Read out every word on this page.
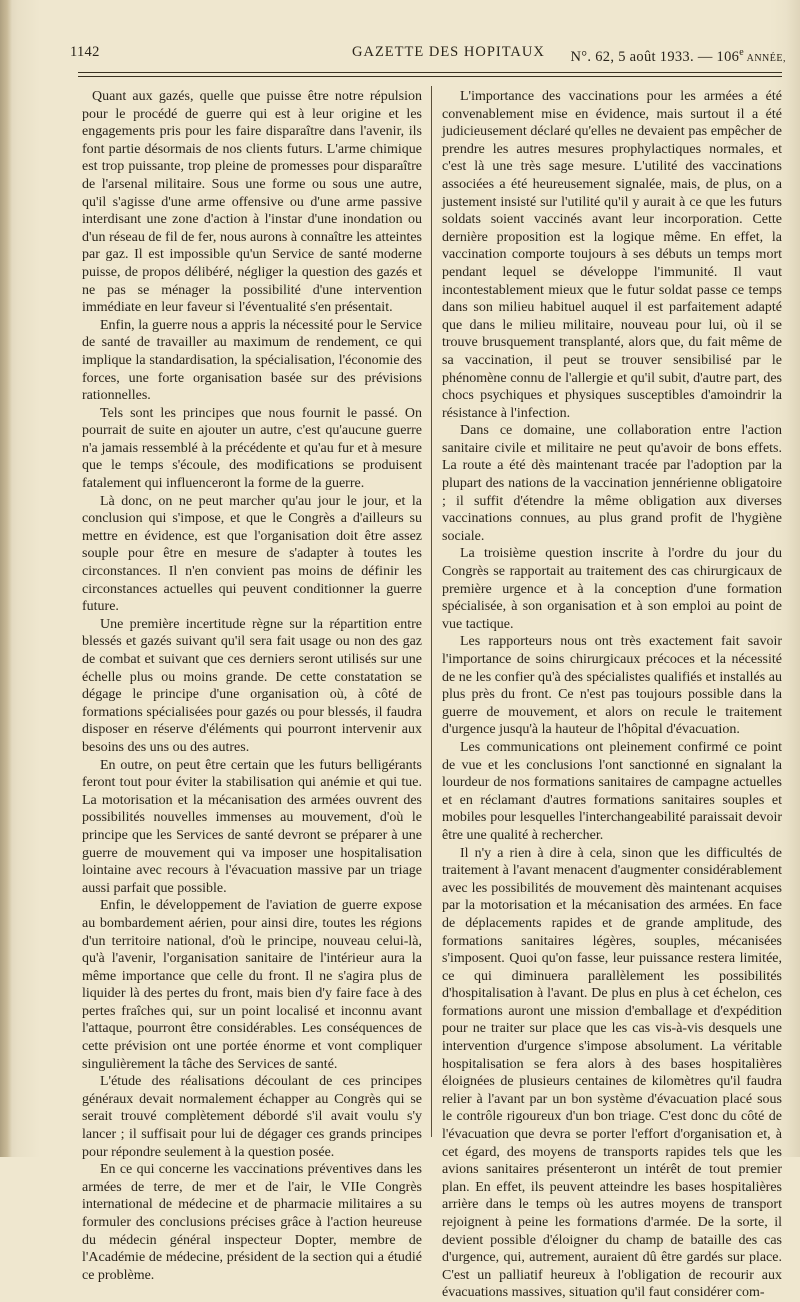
1142	GAZETTE DES HOPITAUX N°. 62, 5 août 1933. — 106e ANNÉE,

Quant aux gazés, quelle que puisse être notre répulsion pour le procédé de guerre qui est à leur origine et les engagements pris pour les faire disparaître dans l'avenir, ils font partie désormais de nos clients futurs. L'arme chimique est trop puissante, trop pleine de promesses pour disparaître de l'arsenal militaire. Sous une forme ou sous une autre, qu'il s'agisse d'une arme offensive ou d'une arme passive interdisant une zone d'action à l'instar d'une inondation ou d'un réseau de fil de fer, nous aurons à connaître les atteintes par gaz. Il est impossible qu'un Service de santé moderne puisse, de propos délibéré, négliger la question des gazés et ne pas se ménager la possibilité d'une intervention immédiate en leur faveur si l'éventualité s'en présentait.

Enfin, la guerre nous a appris la nécessité pour le Service de santé de travailler au maximum de rendement, ce qui implique la standardisation, la spécialisation, l'économie des forces, une forte organisation basée sur des prévisions rationnelles.

Tels sont les principes que nous fournit le passé. On pourrait de suite en ajouter un autre, c'est qu'aucune guerre n'a jamais ressemblé à la précédente et qu'au fur et à mesure que le temps s'écoule, des modifications se produisent fatalement qui influenceront la forme de la guerre.

Là donc, on ne peut marcher qu'au jour le jour, et la conclusion qui s'impose, et que le Congrès a d'ailleurs su mettre en évidence, est que l'organisation doit être assez souple pour être en mesure de s'adapter à toutes les circonstances. Il n'en convient pas moins de définir les circonstances actuelles qui peuvent conditionner la guerre future.

Une première incertitude règne sur la répartition entre blessés et gazés suivant qu'il sera fait usage ou non des gaz de combat et suivant que ces derniers seront utilisés sur une échelle plus ou moins grande. De cette constatation se dégage le principe d'une organisation où, à côté de formations spécialisées pour gazés ou pour blessés, il faudra disposer en réserve d'éléments qui pourront intervenir aux besoins des uns ou des autres.

En outre, on peut être certain que les futurs belligérants feront tout pour éviter la stabilisation qui anémie et qui tue. La motorisation et la mécanisation des armées ouvrent des possibilités nouvelles immenses au mouvement, d'où le principe que les Services de santé devront se préparer à une guerre de mouvement qui va imposer une hospitalisation lointaine avec recours à l'évacuation massive par un triage aussi parfait que possible.

Enfin, le développement de l'aviation de guerre expose au bombardement aérien, pour ainsi dire, toutes les régions d'un territoire national, d'où le principe, nouveau celui-là, qu'à l'avenir, l'organisation sanitaire de l'intérieur aura la même importance que celle du front. Il ne s'agira plus de liquider là des pertes du front, mais bien d'y faire face à des pertes fraîches qui, sur un point localisé et inconnu avant l'attaque, pourront être considérables. Les conséquences de cette prévision ont une portée énorme et vont compliquer singulièrement la tâche des Services de santé.

L'étude des réalisations découlant de ces principes généraux devait normalement échapper au Congrès qui se serait trouvé complètement débordé s'il avait voulu s'y lancer ; il suffisait pour lui de dégager ces grands principes pour répondre seulement à la question posée.

En ce qui concerne les vaccinations préventives dans les armées de terre, de mer et de l'air, le VIIe Congrès international de médecine et de pharmacie militaires a su formuler des conclusions précises grâce à l'action heureuse du médecin général inspecteur Dopter, membre de l'Académie de médecine, président de la section qui a étudié ce problème.

L'importance des vaccinations pour les armées a été convenablement mise en évidence, mais surtout il a été judicieusement déclaré qu'elles ne devaient pas empêcher de prendre les autres mesures prophylactiques normales, et c'est là une très sage mesure. L'utilité des vaccinations associées a été heureusement signalée, mais, de plus, on a justement insisté sur l'utilité qu'il y aurait à ce que les futurs soldats soient vaccinés avant leur incorporation. Cette dernière proposition est la logique même. En effet, la vaccination comporte toujours à ses débuts un temps mort pendant lequel se développe l'immunité. Il vaut incontestablement mieux que le futur soldat passe ce temps dans son milieu habituel auquel il est parfaitement adapté que dans le milieu militaire, nouveau pour lui, où il se trouve brusquement transplanté, alors que, du fait même de sa vaccination, il peut se trouver sensibilisé par le phénomène connu de l'allergie et qu'il subit, d'autre part, des chocs psychiques et physiques susceptibles d'amoindrir la résistance à l'infection.

Dans ce domaine, une collaboration entre l'action sanitaire civile et militaire ne peut qu'avoir de bons effets. La route a été dès maintenant tracée par l'adoption par la plupart des nations de la vaccination jennérienne obligatoire ; il suffit d'étendre la même obligation aux diverses vaccinations connues, au plus grand profit de l'hygiène sociale.

La troisième question inscrite à l'ordre du jour du Congrès se rapportait au traitement des cas chirurgicaux de première urgence et à la conception d'une formation spécialisée, à son organisation et à son emploi au point de vue tactique.

Les rapporteurs nous ont très exactement fait savoir l'importance de soins chirurgicaux précoces et la nécessité de ne les confier qu'à des spécialistes qualifiés et installés au plus près du front. Ce n'est pas toujours possible dans la guerre de mouvement, et alors on recule le traitement d'urgence jusqu'à la hauteur de l'hôpital d'évacuation.

Les communications ont pleinement confirmé ce point de vue et les conclusions l'ont sanctionné en signalant la lourdeur de nos formations sanitaires de campagne actuelles et en réclamant d'autres formations sanitaires souples et mobiles pour lesquelles l'interchangeabilité paraissait devoir être une qualité à rechercher.

Il n'y a rien à dire à cela, sinon que les difficultés de traitement à l'avant menacent d'augmenter considérablement avec les possibilités de mouvement dès maintenant acquises par la motorisation et la mécanisation des armées. En face de déplacements rapides et de grande amplitude, des formations sanitaires légères, souples, mécanisées s'imposent. Quoi qu'on fasse, leur puissance restera limitée, ce qui diminuera parallèlement les possibilités d'hospitalisation à l'avant. De plus en plus à cet échelon, ces formations auront une mission d'emballage et d'expédition pour ne traiter sur place que les cas vis-à-vis desquels une intervention d'urgence s'impose absolument. La véritable hospitalisation se fera alors à des bases hospitalières éloignées de plusieurs centaines de kilomètres qu'il faudra relier à l'avant par un bon système d'évacuation placé sous le contrôle rigoureux d'un bon triage. C'est donc du côté de l'évacuation que devra se porter l'effort d'organisation et, à cet égard, des moyens de transports rapides tels que les avions sanitaires présenteront un intérêt de tout premier plan. En effet, ils peuvent atteindre les bases hospitalières arrière dans le temps où les autres moyens de transport rejoignent à peine les formations d'armée. De la sorte, il devient possible d'éloigner du champ de bataille des cas d'urgence, qui, autrement, auraient dû être gardés sur place. C'est un palliatif heureux à l'obligation de recourir aux évacuations massives, situation qu'il faut considérer com-
